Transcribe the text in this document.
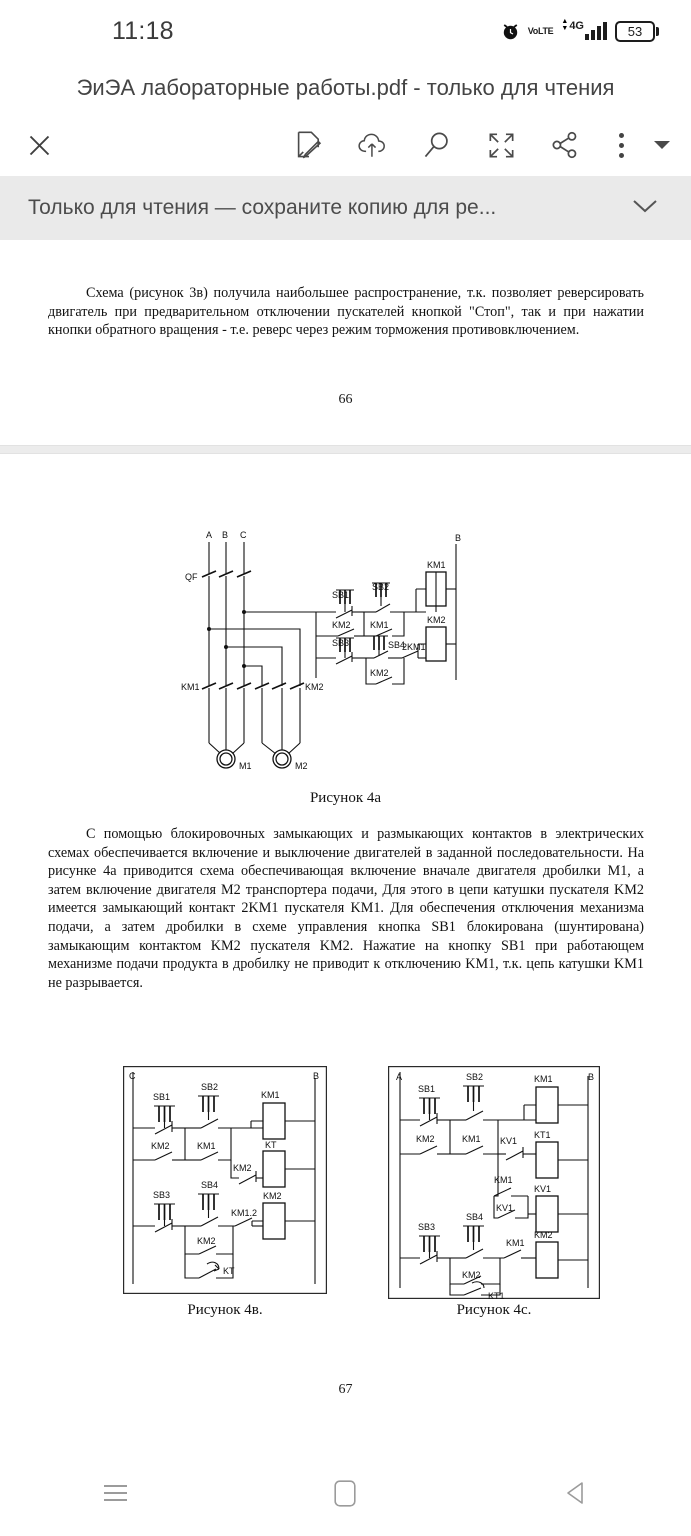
11:18	Vo LTE
▲
▼ 4G	53
ЭиЭА лабораторные работы.pdf - только для чтения
Только для чтения — сохраните копию для ре...
Схема (рисунок 3в) получила наибольшее распространение, т.к. позволяет реверсировать двигатель при предварительном отключении пускателей кнопкой "Стоп", так и при нажатии кнопки обратного вращения - т.е. реверс через режим торможения противовключением.
66
A B C	B
QF
KM1
M1
KM2
M2
SB1
SB2
KM1
KM2 KM1
SB3	SB4
2KM1
KM2
KM2
Рисунок 4а
С помощью блокировочных замыкающих и размыкающих контактов в электрических схемах обеспечивается включение и выключение двигателей в заданной последовательности. На рисунке 4а приводится схема обеспечивающая включение вначале двигателя дробилки M1, а затем включение двигателя М2 транспортера подачи, Для этого в цепи катушки пускателя KM2 имеется замыкающий контакт 2KM1 пускателя KM1. Для обеспечения отключения механизма подачи, а затем дробилки в схеме управления кнопка SB1 блокирована (шунтирована) замыкающим контактом KM2 пускателя KM2. Нажатие на кнопку SB1 при работающем механизме подачи продукта в дробилку не приводит к отключению KM1, т.к. цепь катушки KM1 не разрывается.
C	B
SB1
SB2
KM1
KM2	KM1
KM2
KT
SB3
SB4
KM1.2
KM2
KM2
KT
Рисунок 4в.
A	B
SB1
SB2	KM1
KM2	KM1 KV1
KT1
KM1
KV1
KV1
SB3
SB4
KM1
KM2
KM2
KT1
Рисунок 4с.
67
